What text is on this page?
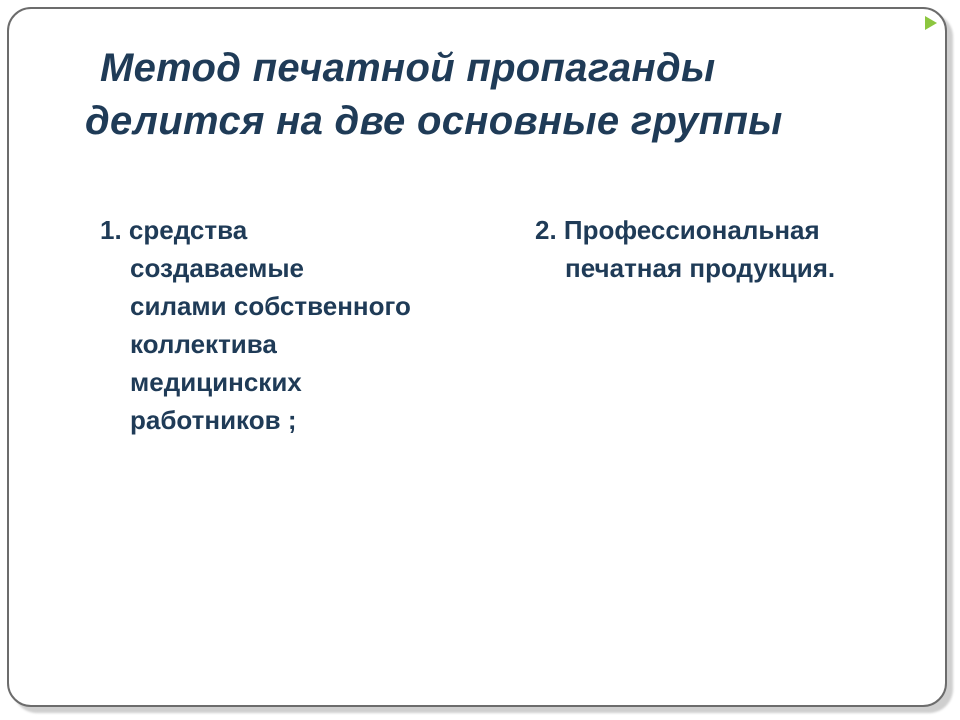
Метод печатной пропаганды
делится на две основные группы
1. средства
создаваемые
силами собственного
коллектива
медицинских
работников ;
2. Профессиональная
печатная продукция.
